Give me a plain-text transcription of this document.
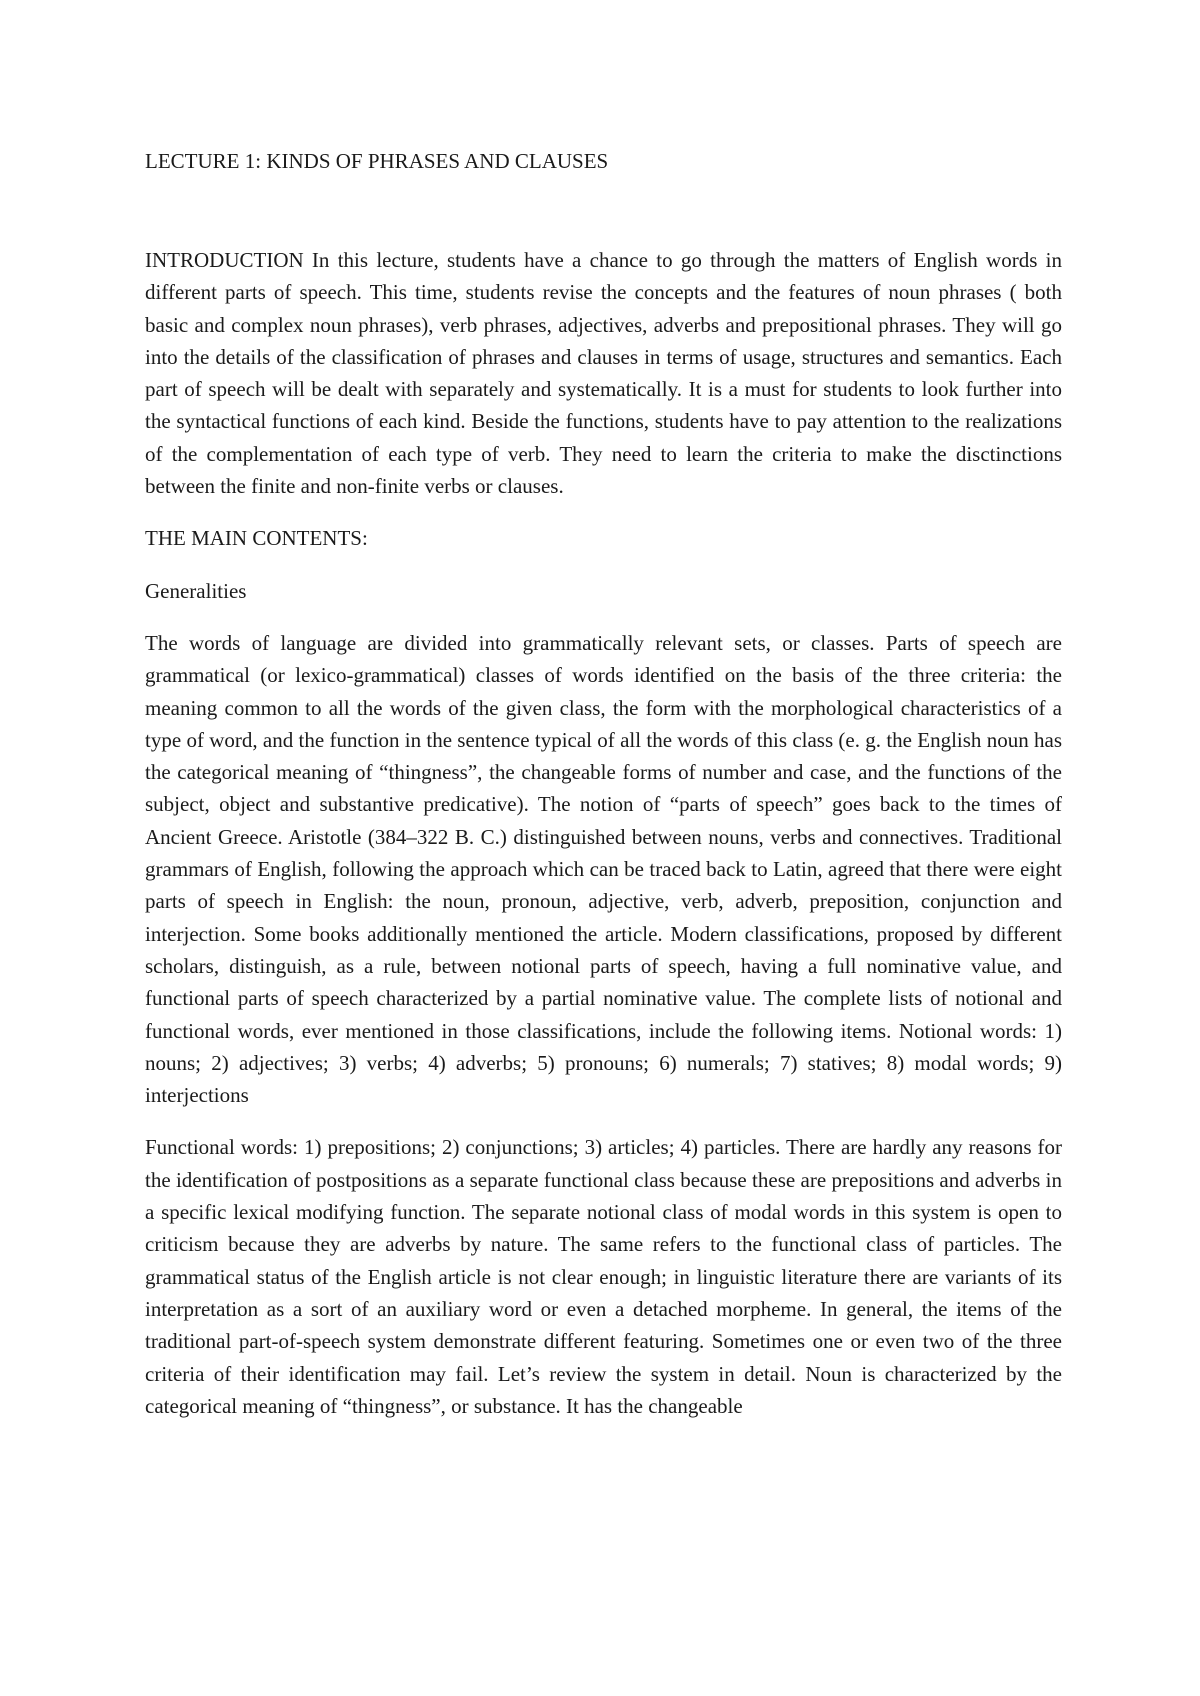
LECTURE 1: KINDS OF PHRASES AND CLAUSES

INTRODUCTION In this lecture, students have a chance to go through the matters of English words in different parts of speech. This time, students revise the concepts and the features of noun phrases ( both basic and complex noun phrases), verb phrases, adjectives, adverbs and prepositional phrases. They will go into the details of the classification of phrases and clauses in terms of usage, structures and semantics. Each part of speech will be dealt with separately and systematically. It is a must for students to look further into the syntactical functions of each kind. Beside the functions, students have to pay attention to the realizations of the complementation of each type of verb. They need to learn the criteria to make the disctinctions between the finite and non-finite verbs or clauses.

THE MAIN CONTENTS:

Generalities

The words of language are divided into grammatically relevant sets, or classes. Parts of speech are grammatical (or lexico-grammatical) classes of words identified on the basis of the three criteria: the meaning common to all the words of the given class, the form with the morphological characteristics of a type of word, and the function in the sentence typical of all the words of this class (e. g. the English noun has the categorical meaning of “thingness”, the changeable forms of number and case, and the functions of the subject, object and substantive predicative). The notion of “parts of speech” goes back to the times of Ancient Greece. Aristotle (384–322 B. C.) distinguished between nouns, verbs and connectives. Traditional grammars of English, following the approach which can be traced back to Latin, agreed that there were eight parts of speech in English: the noun, pronoun, adjective, verb, adverb, preposition, conjunction and interjection. Some books additionally mentioned the article. Modern classifications, proposed by different scholars, distinguish, as a rule, between notional parts of speech, having a full nominative value, and functional parts of speech characterized by a partial nominative value. The complete lists of notional and functional words, ever mentioned in those classifications, include the following items. Notional words: 1) nouns; 2) adjectives; 3) verbs; 4) adverbs; 5) pronouns; 6) numerals; 7) statives; 8) modal words; 9) interjections

Functional words: 1) prepositions; 2) conjunctions; 3) articles; 4) particles. There are hardly any reasons for the identification of postpositions as a separate functional class because these are prepositions and adverbs in a specific lexical modifying function. The separate notional class of modal words in this system is open to criticism because they are adverbs by nature. The same refers to the functional class of particles. The grammatical status of the English article is not clear enough; in linguistic literature there are variants of its interpretation as a sort of an auxiliary word or even a detached morpheme. In general, the items of the traditional part-of-speech system demonstrate different featuring. Sometimes one or even two of the three criteria of their identification may fail. Let’s review the system in detail. Noun is characterized by the categorical meaning of “thingness”, or substance. It has the changeable
